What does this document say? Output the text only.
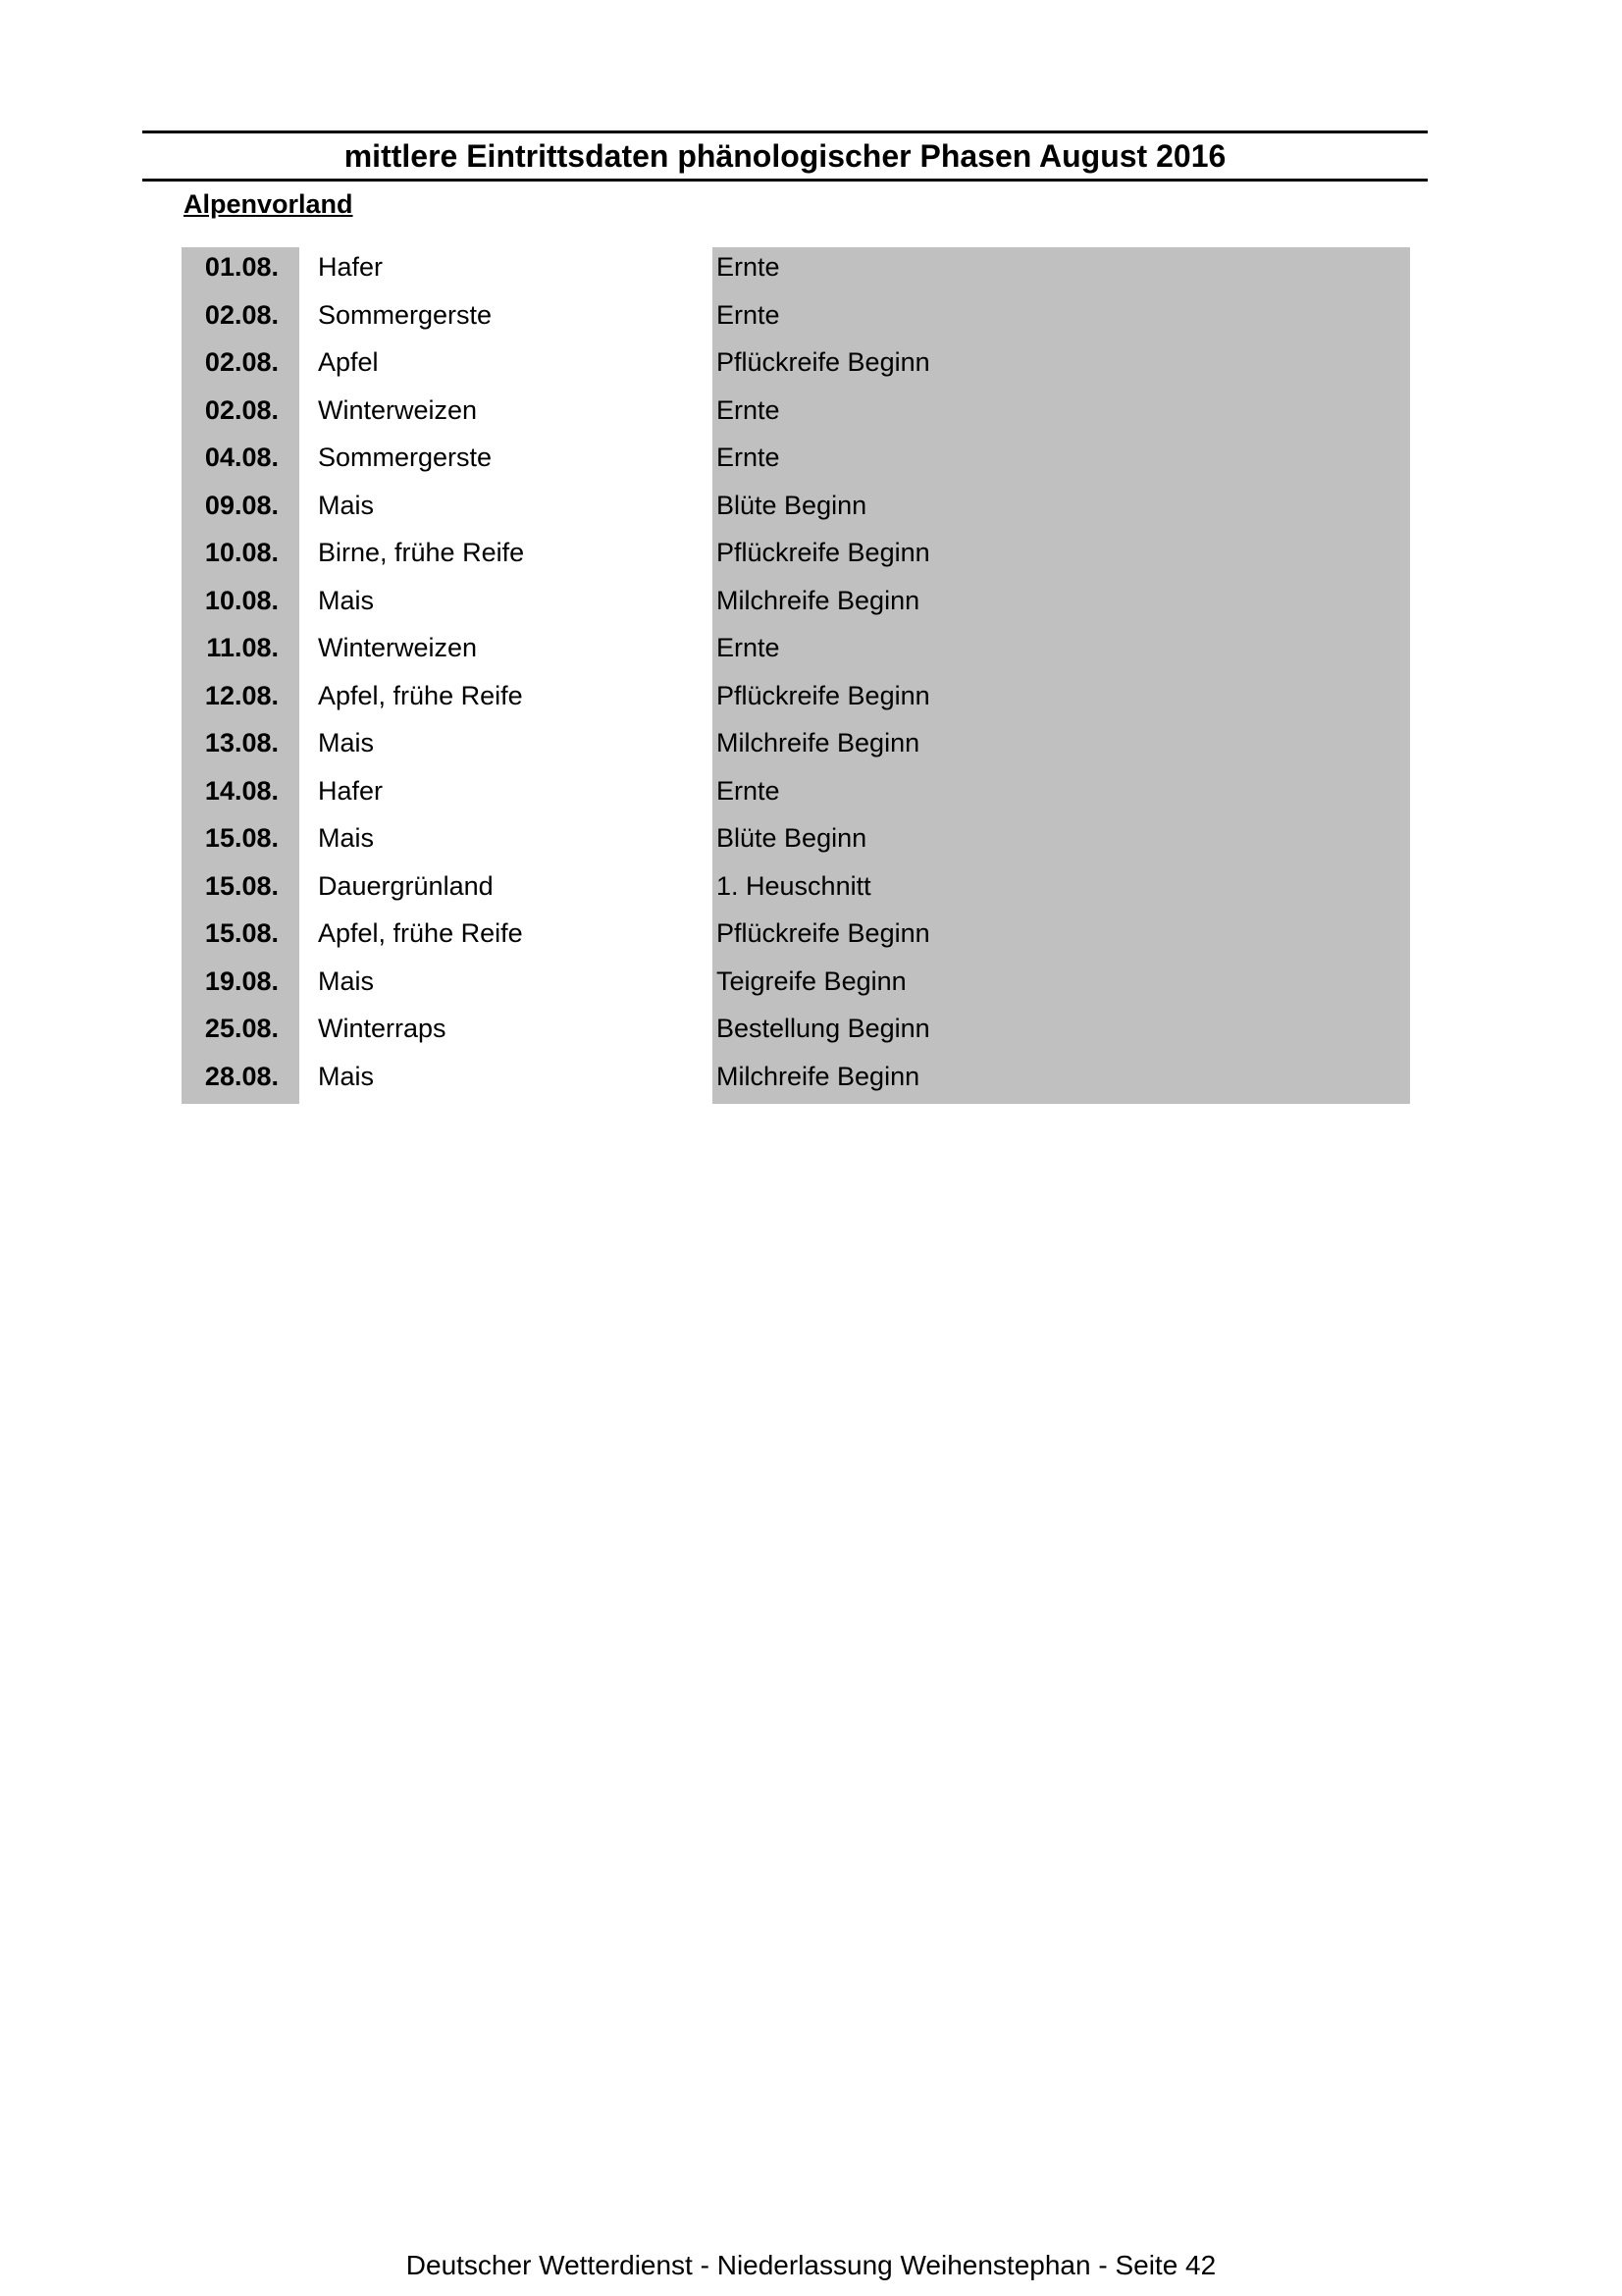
mittlere Eintrittsdaten phänologischer Phasen August 2016
Alpenvorland
01.08. Hafer	Ernte
02.08. Sommergerste	Ernte
02.08. Apfel	Pflückreife Beginn
02.08. Winterweizen	Ernte
04.08. Sommergerste	Ernte
09.08. Mais	Blüte Beginn
10.08. Birne, frühe Reife	Pflückreife Beginn
10.08. Mais	Milchreife Beginn
11.08. Winterweizen	Ernte
12.08. Apfel, frühe Reife	Pflückreife Beginn
13.08. Mais	Milchreife Beginn
14.08. Hafer	Ernte
15.08. Mais	Blüte Beginn
15.08. Dauergrünland	1. Heuschnitt
15.08. Apfel, frühe Reife	Pflückreife Beginn
19.08. Mais	Teigreife Beginn
25.08. Winterraps	Bestellung Beginn
28.08. Mais	Milchreife Beginn
Deutscher Wetterdienst - Niederlassung Weihenstephan - Seite 42
